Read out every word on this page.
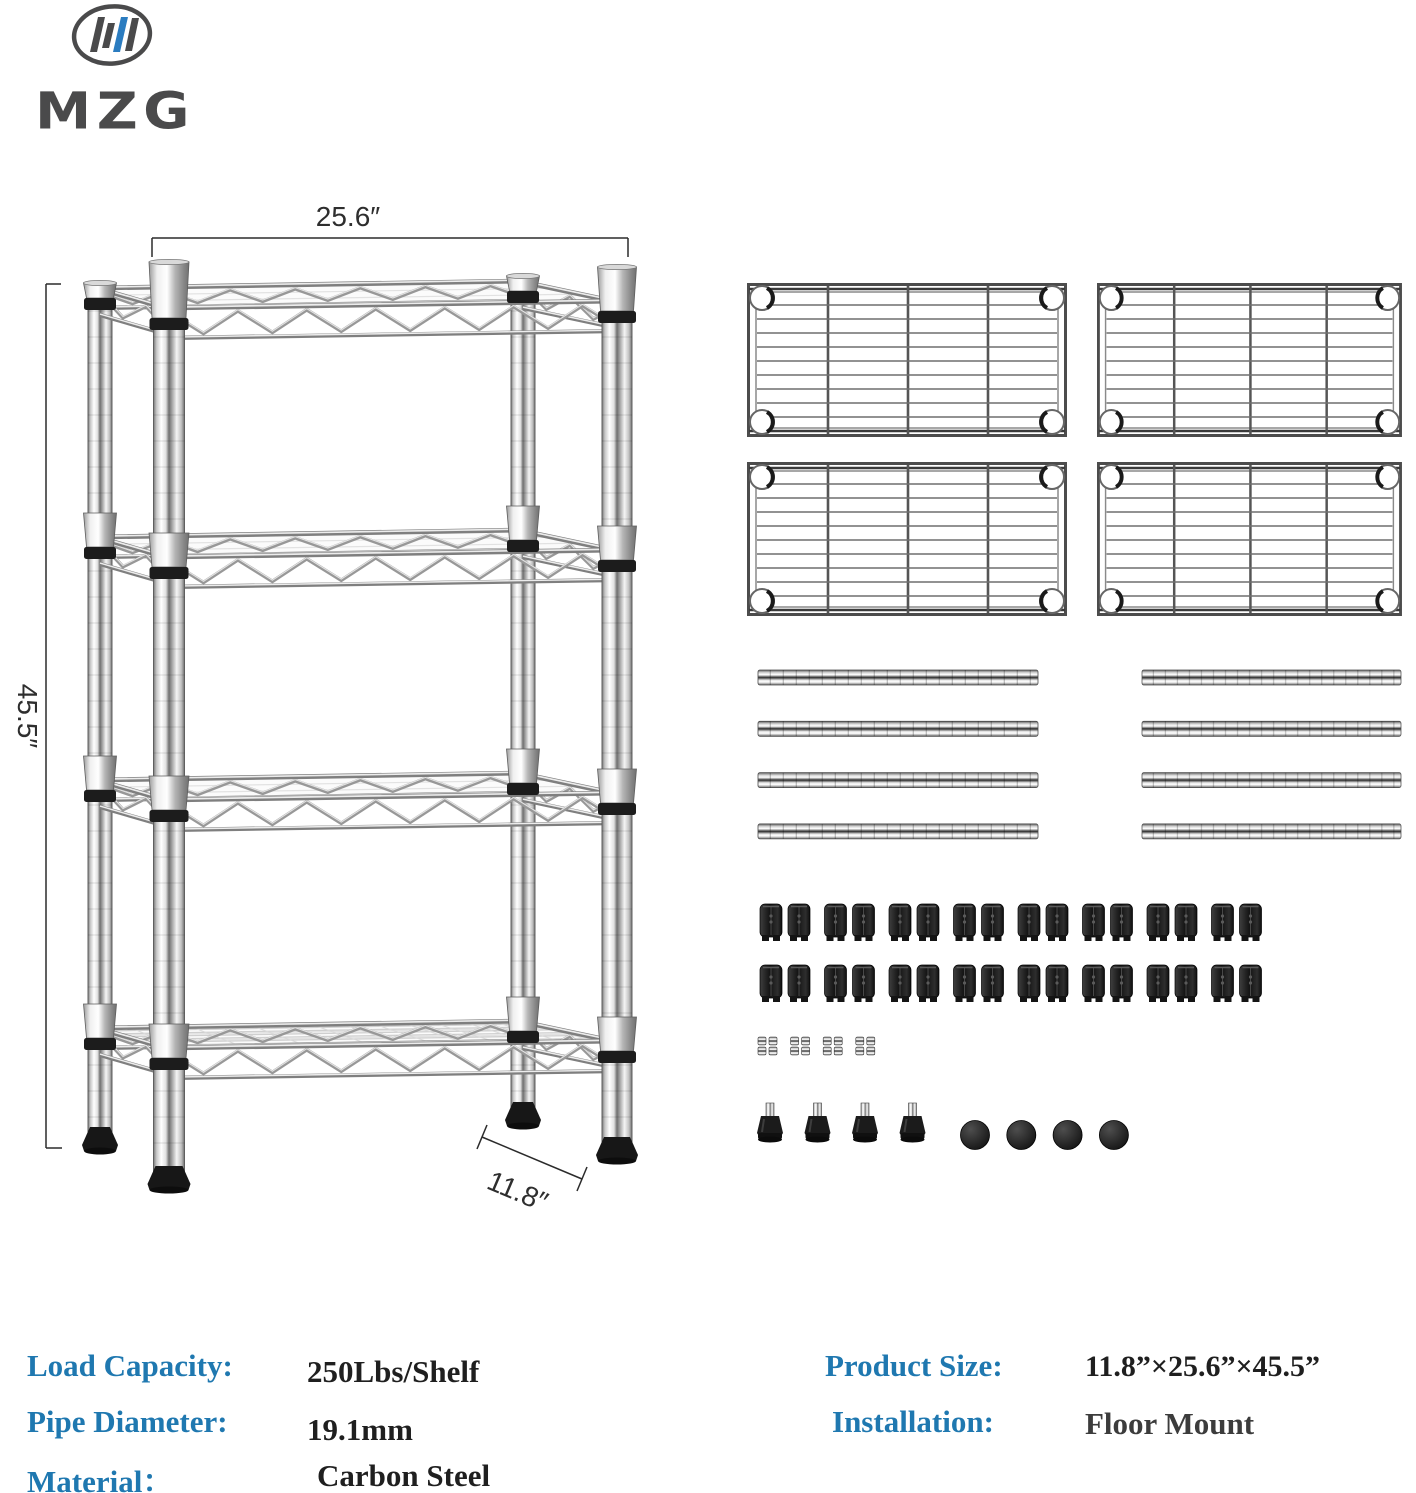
MZG
25.6″
45.5″
11.8″
Load Capacity: 250Lbs/Shelf
Pipe Diameter:	19.1mm
Material：	Carbon Steel
Product Size:	11.8”×25.6”×45.5”
Installation:	Floor Mount
